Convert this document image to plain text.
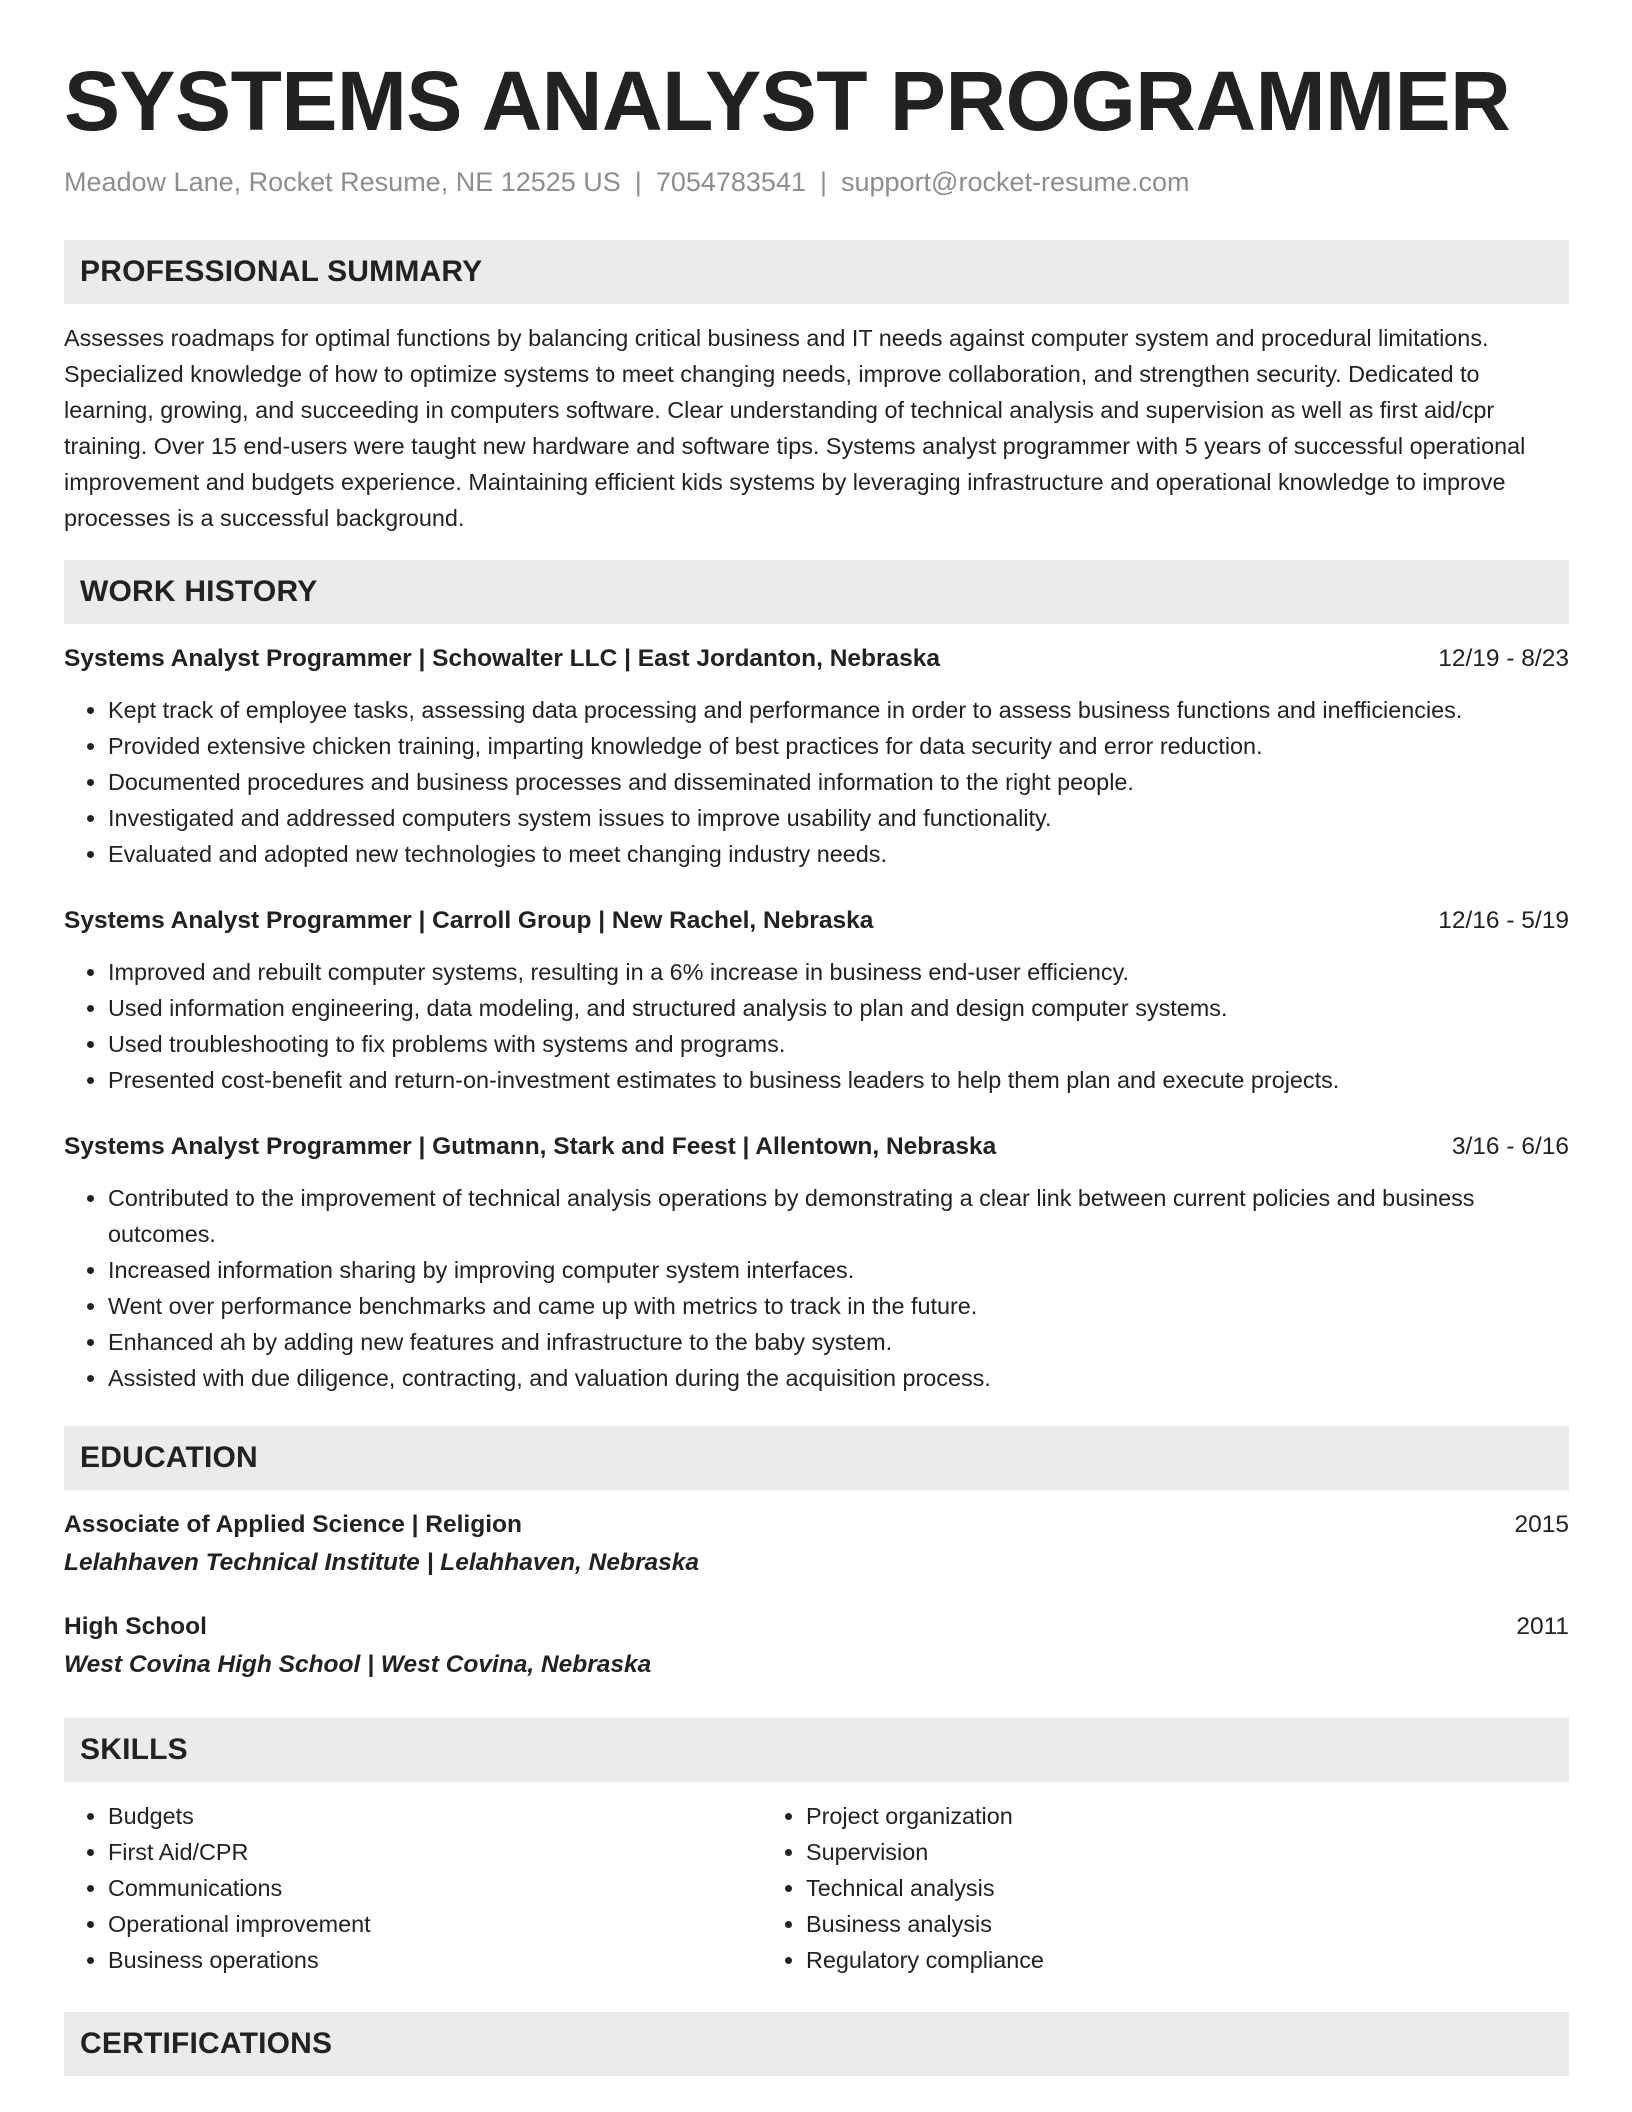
SYSTEMS ANALYST PROGRAMMER
Meadow Lane, Rocket Resume, NE 12525 US | 7054783541 | support@rocket-resume.com
PROFESSIONAL SUMMARY
Assesses roadmaps for optimal functions by balancing critical business and IT needs against computer system and procedural limitations. Specialized knowledge of how to optimize systems to meet changing needs, improve collaboration, and strengthen security. Dedicated to learning, growing, and succeeding in computers software. Clear understanding of technical analysis and supervision as well as first aid/cpr training. Over 15 end-users were taught new hardware and software tips. Systems analyst programmer with 5 years of successful operational improvement and budgets experience. Maintaining efficient kids systems by leveraging infrastructure and operational knowledge to improve processes is a successful background.
WORK HISTORY
Systems Analyst Programmer | Schowalter LLC | East Jordanton, Nebraska	12/19 - 8/23
• Kept track of employee tasks, assessing data processing and performance in order to assess business functions and inefficiencies.
• Provided extensive chicken training, imparting knowledge of best practices for data security and error reduction.
• Documented procedures and business processes and disseminated information to the right people.
• Investigated and addressed computers system issues to improve usability and functionality.
• Evaluated and adopted new technologies to meet changing industry needs.
Systems Analyst Programmer | Carroll Group | New Rachel, Nebraska	12/16 - 5/19
• Improved and rebuilt computer systems, resulting in a 6% increase in business end-user efficiency.
• Used information engineering, data modeling, and structured analysis to plan and design computer systems.
• Used troubleshooting to fix problems with systems and programs.
• Presented cost-benefit and return-on-investment estimates to business leaders to help them plan and execute projects.
Systems Analyst Programmer | Gutmann, Stark and Feest | Allentown, Nebraska	3/16 - 6/16
• Contributed to the improvement of technical analysis operations by demonstrating a clear link between current policies and business outcomes.
• Increased information sharing by improving computer system interfaces.
• Went over performance benchmarks and came up with metrics to track in the future.
• Enhanced ah by adding new features and infrastructure to the baby system.
• Assisted with due diligence, contracting, and valuation during the acquisition process.
EDUCATION
Associate of Applied Science | Religion	2015
Lelahhaven Technical Institute | Lelahhaven, Nebraska
High School	2011
West Covina High School | West Covina, Nebraska
SKILLS
• Budgets
• First Aid/CPR
• Communications
• Operational improvement
• Business operations
• Project organization
• Supervision
• Technical analysis
• Business analysis
• Regulatory compliance
CERTIFICATIONS
